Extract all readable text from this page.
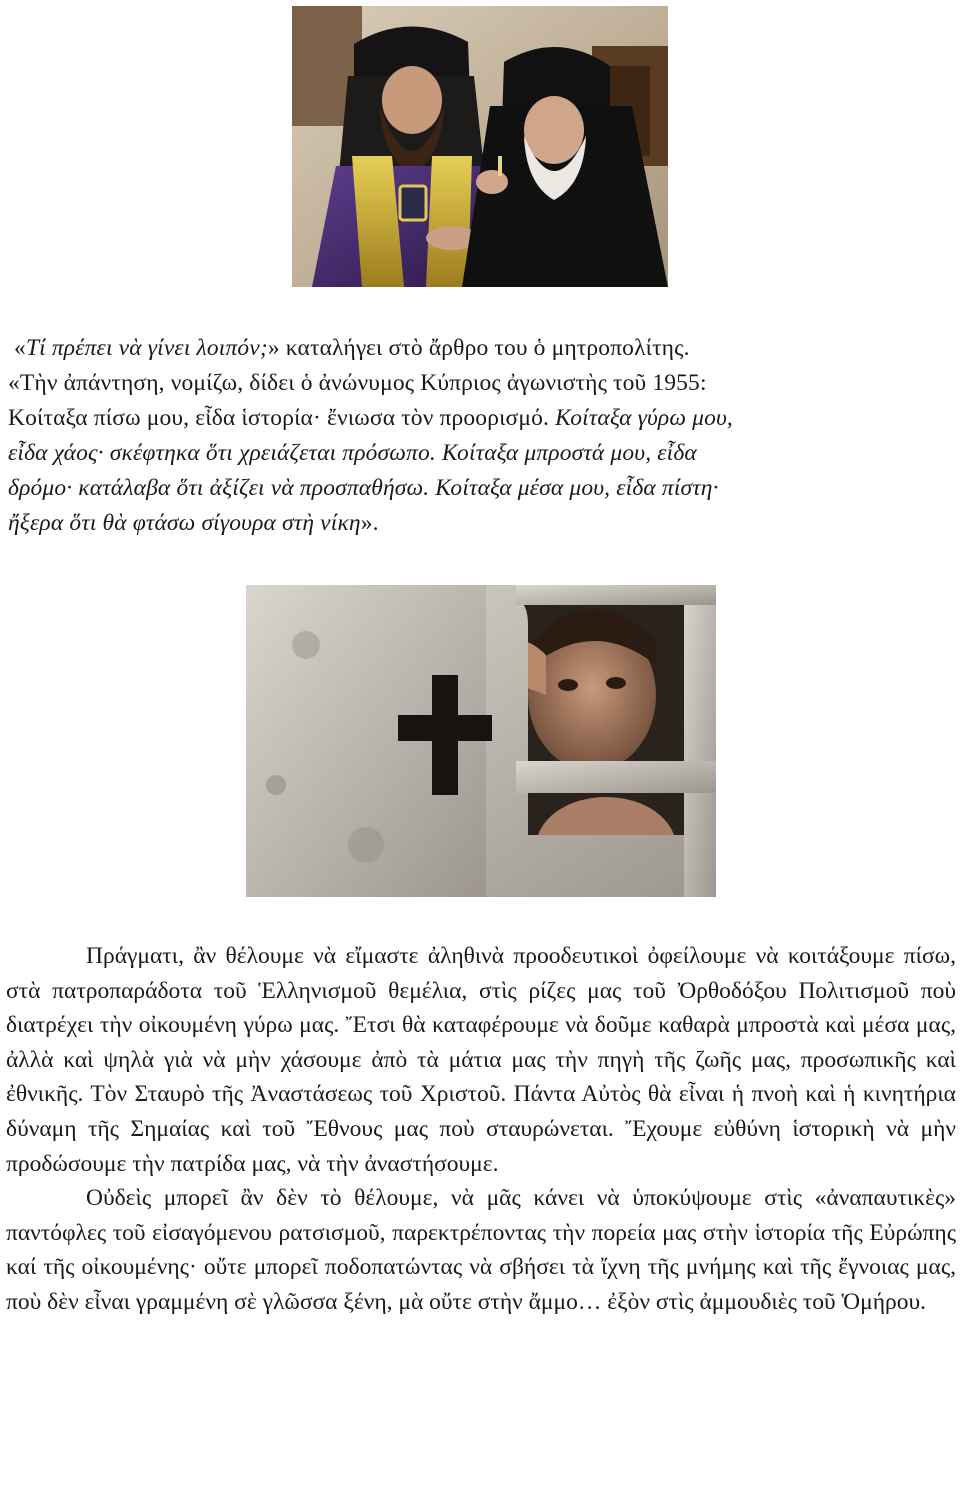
«Τί πρέπει νὰ γίνει λοιπόν;» καταλήγει στὸ ἄρθρο του ὁ μητροπολίτης.
«Τὴν ἀπάντηση, νομίζω, δίδει ὁ ἀνώνυμος Κύπριος ἀγωνιστὴς τοῦ 1955:
Κοίταξα πίσω μου, εἶδα ἱστορία· ἔνιωσα τὸν προορισμό. Κοίταξα γύρω μου,
εἶδα χάος· σκέφτηκα ὅτι χρειάζεται πρόσωπο. Κοίταξα μπροστά μου, εἶδα
δρόμο· κατάλαβα ὅτι ἀξίζει νὰ προσπαθήσω. Κοίταξα μέσα μου, εἶδα πίστη·
ἤξερα ὅτι θὰ φτάσω σίγουρα στὴ νίκη».

Πράγματι, ἂν θέλουμε νὰ εἴμαστε ἀληθινὰ προοδευτικοὶ ὀφείλουμε νὰ κοιτάξουμε πίσω, στὰ πατροπαράδοτα τοῦ Ἑλληνισμοῦ θεμέλια, στὶς ρίζες μας τοῦ Ὀρθοδόξου Πολιτισμοῦ ποὺ διατρέχει τὴν οἰκουμένη γύρω μας. Ἔτσι θὰ καταφέρουμε νὰ δοῦμε καθαρὰ μπροστὰ καὶ μέσα μας, ἀλλὰ καὶ ψηλὰ γιὰ νὰ μὴν χάσουμε ἀπὸ τὰ μάτια μας τὴν πηγὴ τῆς ζωῆς μας, προσωπικῆς καὶ ἐθνικῆς. Τὸν Σταυρὸ τῆς Ἀναστάσεως τοῦ Χριστοῦ. Πάντα Αὐτὸς θὰ εἶναι ἡ πνοὴ καὶ ἡ κινητήρια δύναμη τῆς Σημαίας καὶ τοῦ Ἔθνους μας ποὺ σταυρώνεται. Ἔχουμε εὐθύνη ἱστορικὴ νὰ μὴν προδώσουμε τὴν πατρίδα μας, νὰ τὴν ἀναστήσουμε.

Οὐδεὶς μπορεῖ ἂν δὲν τὸ θέλουμε, νὰ μᾶς κάνει νὰ ὑποκύψουμε στὶς «ἀναπαυτικὲς» παντόφλες τοῦ εἰσαγόμενου ρατσισμοῦ, παρεκτρέποντας τὴν πορεία μας στὴν ἱστορία τῆς Εὐρώπης καί τῆς οἰκουμένης· οὔτε μπορεῖ ποδοπατώντας νὰ σβήσει τὰ ἴχνη τῆς μνήμης καὶ τῆς ἔγνοιας μας, ποὺ δὲν εἶναι γραμμένη σὲ γλῶσσα ξένη, μὰ οὔτε στὴν ἄμμο… ἐξὸν στὶς ἀμμουδιὲς τοῦ Ὁμήρου.
